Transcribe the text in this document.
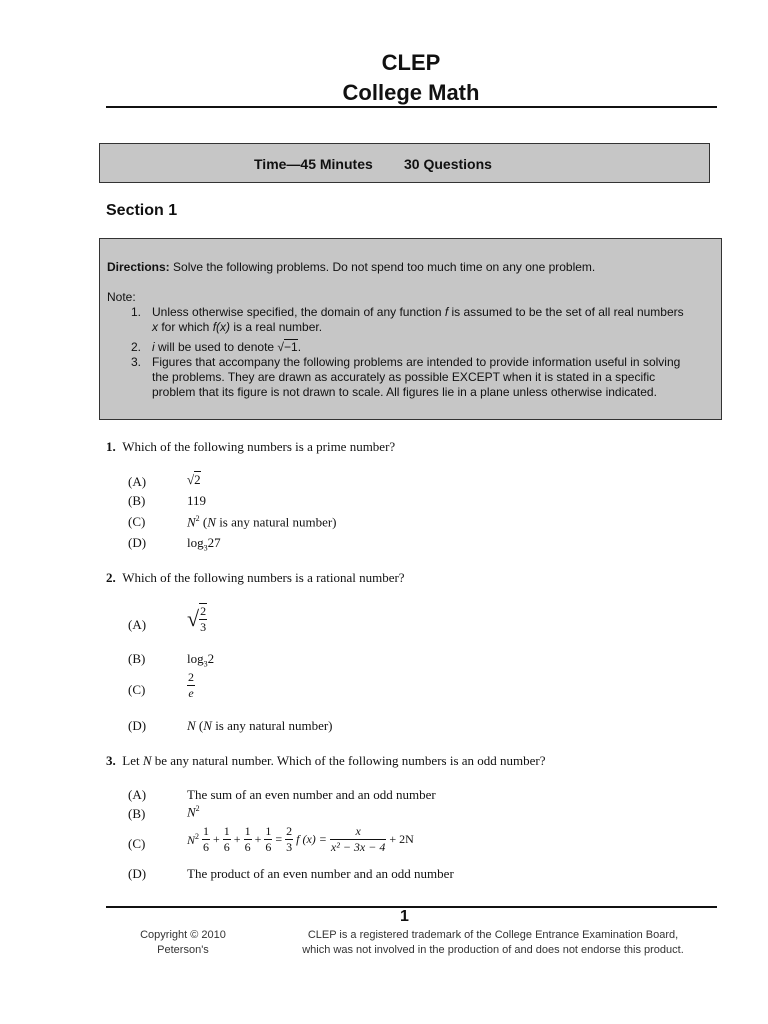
CLEP
College Math
Time—45 Minutes 30 Questions
Section 1
Directions: Solve the following problems. Do not spend too much time on any one problem.
Note:
1. Unless otherwise specified, the domain of any function f is assumed to be the set of all real numbers
x for which f(x) is a real number.
2. i will be used to denote √−1.
3. Figures that accompany the following problems are intended to provide information useful in solving
the problems. They are drawn as accurately as possible EXCEPT when it is stated in a specific
problem that its figure is not drawn to scale. All figures lie in a plane unless otherwise indicated.
1. Which of the following numbers is a prime number?
(A)	√2
(B)	119
(C)	$N^2$ (N is any natural number)
(D)	$\log_327$
2. Which of the following numbers is a rational number?
(A) √ $\frac{2}{3}$
(B)	$\log_32$
(C)	$\frac{2}{e}$
(D)	N (N is any natural number)
3. Let N be any natural number. Which of the following numbers is an odd number?
(A)	The sum of an even number and an odd number
(B)	$N^2$
(C)	$N^2 \frac{1}{6} + \frac{1}{6} + \frac{1}{6} + \frac{1}{6} = \frac{2}{3}$ f $(x) = \frac{x}{\text{x² − 3x − 4}} + 2N$
(D)	The product of an even number and an odd number
1
Copyright © 2010
Peterson's
CLEP is a registered trademark of the College Entrance Examination Board,
which was not involved in the production of and does not endorse this product.
